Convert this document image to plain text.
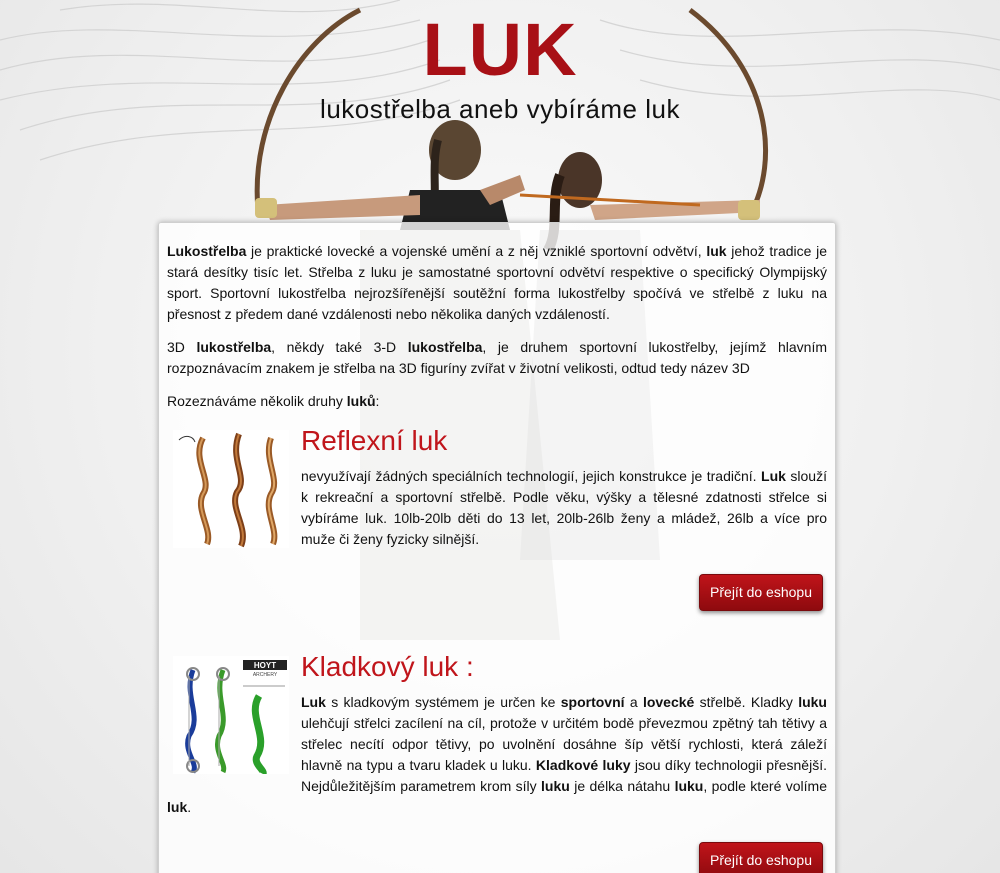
LUK
lukostřelba aneb vybíráme luk

Lukostřelba je praktické lovecké a vojenské umění a z něj vzniklé sportovní odvětví, luk jehož tradice je stará desítky tisíc let. Střelba z luku je samostatné sportovní odvětví respektive o specifický Olympijský sport. Sportovní lukostřelba nejrozšířenější soutěžní forma lukostřelby spočívá ve střelbě z luku na přesnost z předem dané vzdálenosti nebo několika daných vzdáleností.

3D lukostřelba, někdy také 3-D lukostřelba, je druhem sportovní lukostřelby, jejímž hlavním rozpoznávacím znakem je střelba na 3D figuríny zvířat v životní velikosti, odtud tedy název 3D

Rozeznáváme několik druhy luků:

Reflexní luk

nevyužívají žádných speciálních technologií, jejich konstrukce je tradiční. Luk slouží k rekreační a sportovní střelbě. Podle věku, výšky a tělesné zdatnosti střelce si vybíráme luk. 10lb-20lb děti do 13 let, 20lb-26lb ženy a mládež, 26lb a více pro muže či ženy fyzicky silnější.

Přejít do eshopu
HOYT
ARCHERY Kladkový luk :

Luk s kladkovým systémem je určen ke sportovní a lovecké střelbě. Kladky luku ulehčují střelci zacílení na cíl, protože v určitém bodě převezmou zpětný tah tětivy a střelec necítí odpor tětivy, po uvolnění dosáhne šíp větší rychlosti, která záleží hlavně na typu a tvaru kladek u luku. Kladkové luky jsou díky technologii přesnější. Nejdůležitějším parametrem krom síly luku je délka nátahu luku, podle které volíme luk.

Přejít do eshopu
